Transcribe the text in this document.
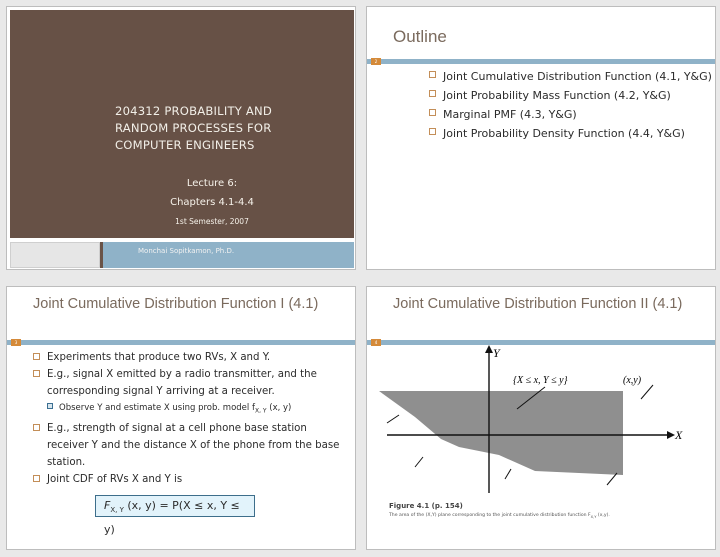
204312 PROBABILITY AND RANDOM PROCESSES FOR COMPUTER ENGINEERS
Lecture 6:
Chapters 4.1-4.4
1st Semester, 2007
Monchai Sopitkamon, Ph.D.
Outline
2
Joint Cumulative Distribution Function (4.1, Y&G)
Joint Probability Mass Function (4.2, Y&G)
Marginal PMF (4.3, Y&G)
Joint Probability Density Function (4.4, Y&G)
Joint Cumulative Distribution Function I (4.1)
3
Experiments that produce two RVs, X and Y.
E.g., signal X emitted by a radio transmitter, and the corresponding signal Y arriving at a receiver.
Observe Y and estimate X using prob. model $f_{X, Y}$ (x, y)
E.g., strength of signal at a cell phone base station receiver Y and the distance X of the phone from the base station.
Joint CDF of RVs X and Y is
$F_{X, Y}$ (x, y) = P(X ≤ x, Y ≤ y)
Joint Cumulative Distribution Function II (4.1)
4
Y
X
{X ≤ x, Y ≤ y}	(x,y)
Figure 4.1 (p. 154)
The area of the (X,Y) plane corresponding to the joint cumulative distribution function $F_{X,Y}$ (x,y).
